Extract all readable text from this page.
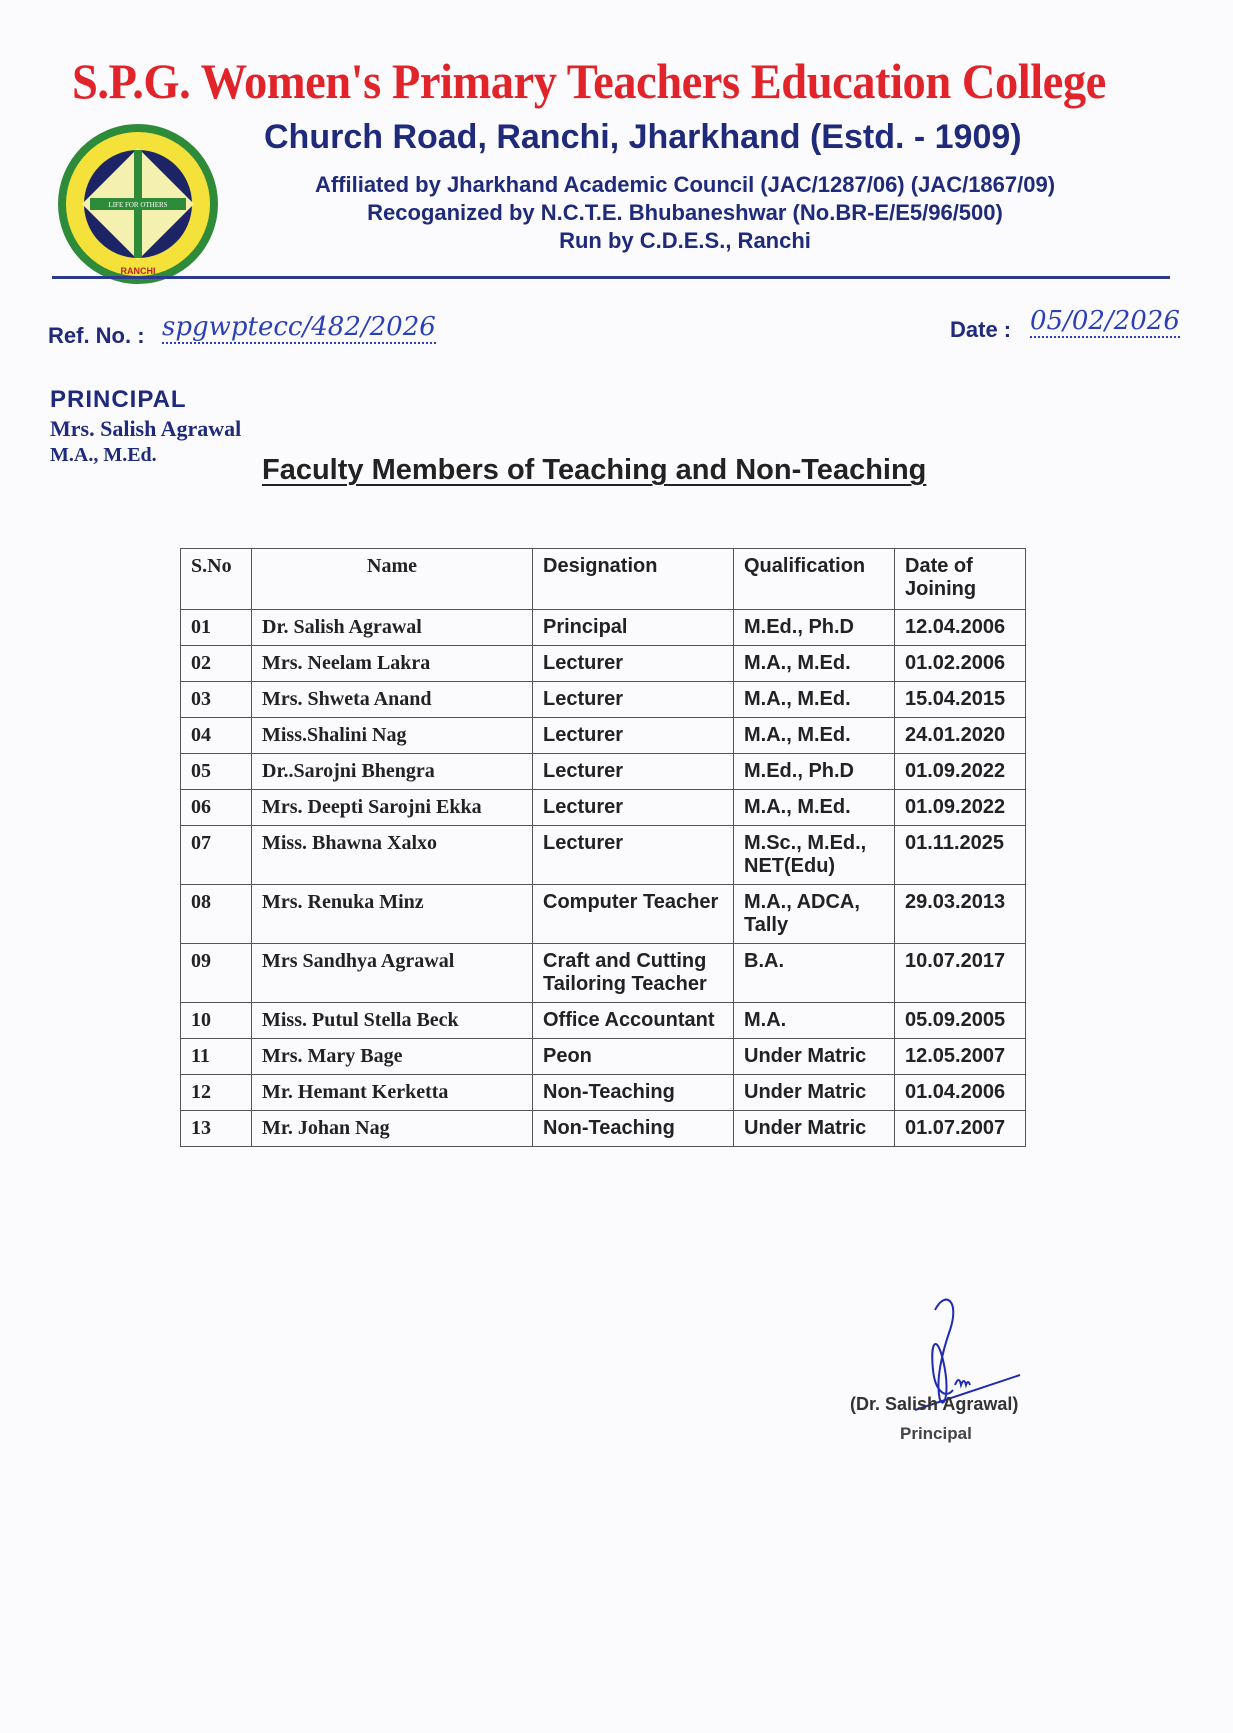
S.P.G. Women's Primary Teachers Education College
LIFE FOR OTHERS
RANCHI
Church Road, Ranchi, Jharkhand (Estd. - 1909)
Affiliated by Jharkhand Academic Council (JAC/1287/06) (JAC/1867/09)
Recoganized by N.C.T.E. Bhubaneshwar (No.BR-E/E5/96/500)
Run by C.D.E.S., Ranchi
Ref. No. : spgwptecc/482/2026	Date : 05/02/2026
PRINCIPAL
Mrs. Salish Agrawal
M.A., M.Ed.	Faculty Members of Teaching and Non-Teaching
S.No	Name	Designation	Qualification	Date of Joining
01	Dr. Salish Agrawal	Principal	M.Ed., Ph.D	12.04.2006
02	Mrs. Neelam Lakra	Lecturer	M.A., M.Ed.	01.02.2006
03	Mrs. Shweta Anand	Lecturer	M.A., M.Ed.	15.04.2015
04	Miss.Shalini Nag	Lecturer	M.A., M.Ed.	24.01.2020
05	Dr..Sarojni Bhengra	Lecturer	M.Ed., Ph.D	01.09.2022
06	Mrs. Deepti Sarojni Ekka	Lecturer	M.A., M.Ed.	01.09.2022
07	Miss. Bhawna Xalxo	Lecturer	M.Sc., M.Ed., NET(Edu)	01.11.2025
08	Mrs. Renuka Minz	Computer Teacher	M.A., ADCA, Tally	29.03.2013
09	Mrs Sandhya Agrawal	Craft and Cutting Tailoring Teacher	B.A.	10.07.2017
10	Miss. Putul Stella Beck	Office Accountant	M.A.	05.09.2005
11	Mrs. Mary Bage	Peon	Under Matric	12.05.2007
12	Mr. Hemant Kerketta	Non-Teaching	Under Matric	01.04.2006
13	Mr. Johan Nag	Non-Teaching	Under Matric	01.07.2007
(Dr. Salish Agrawal)
Principal
